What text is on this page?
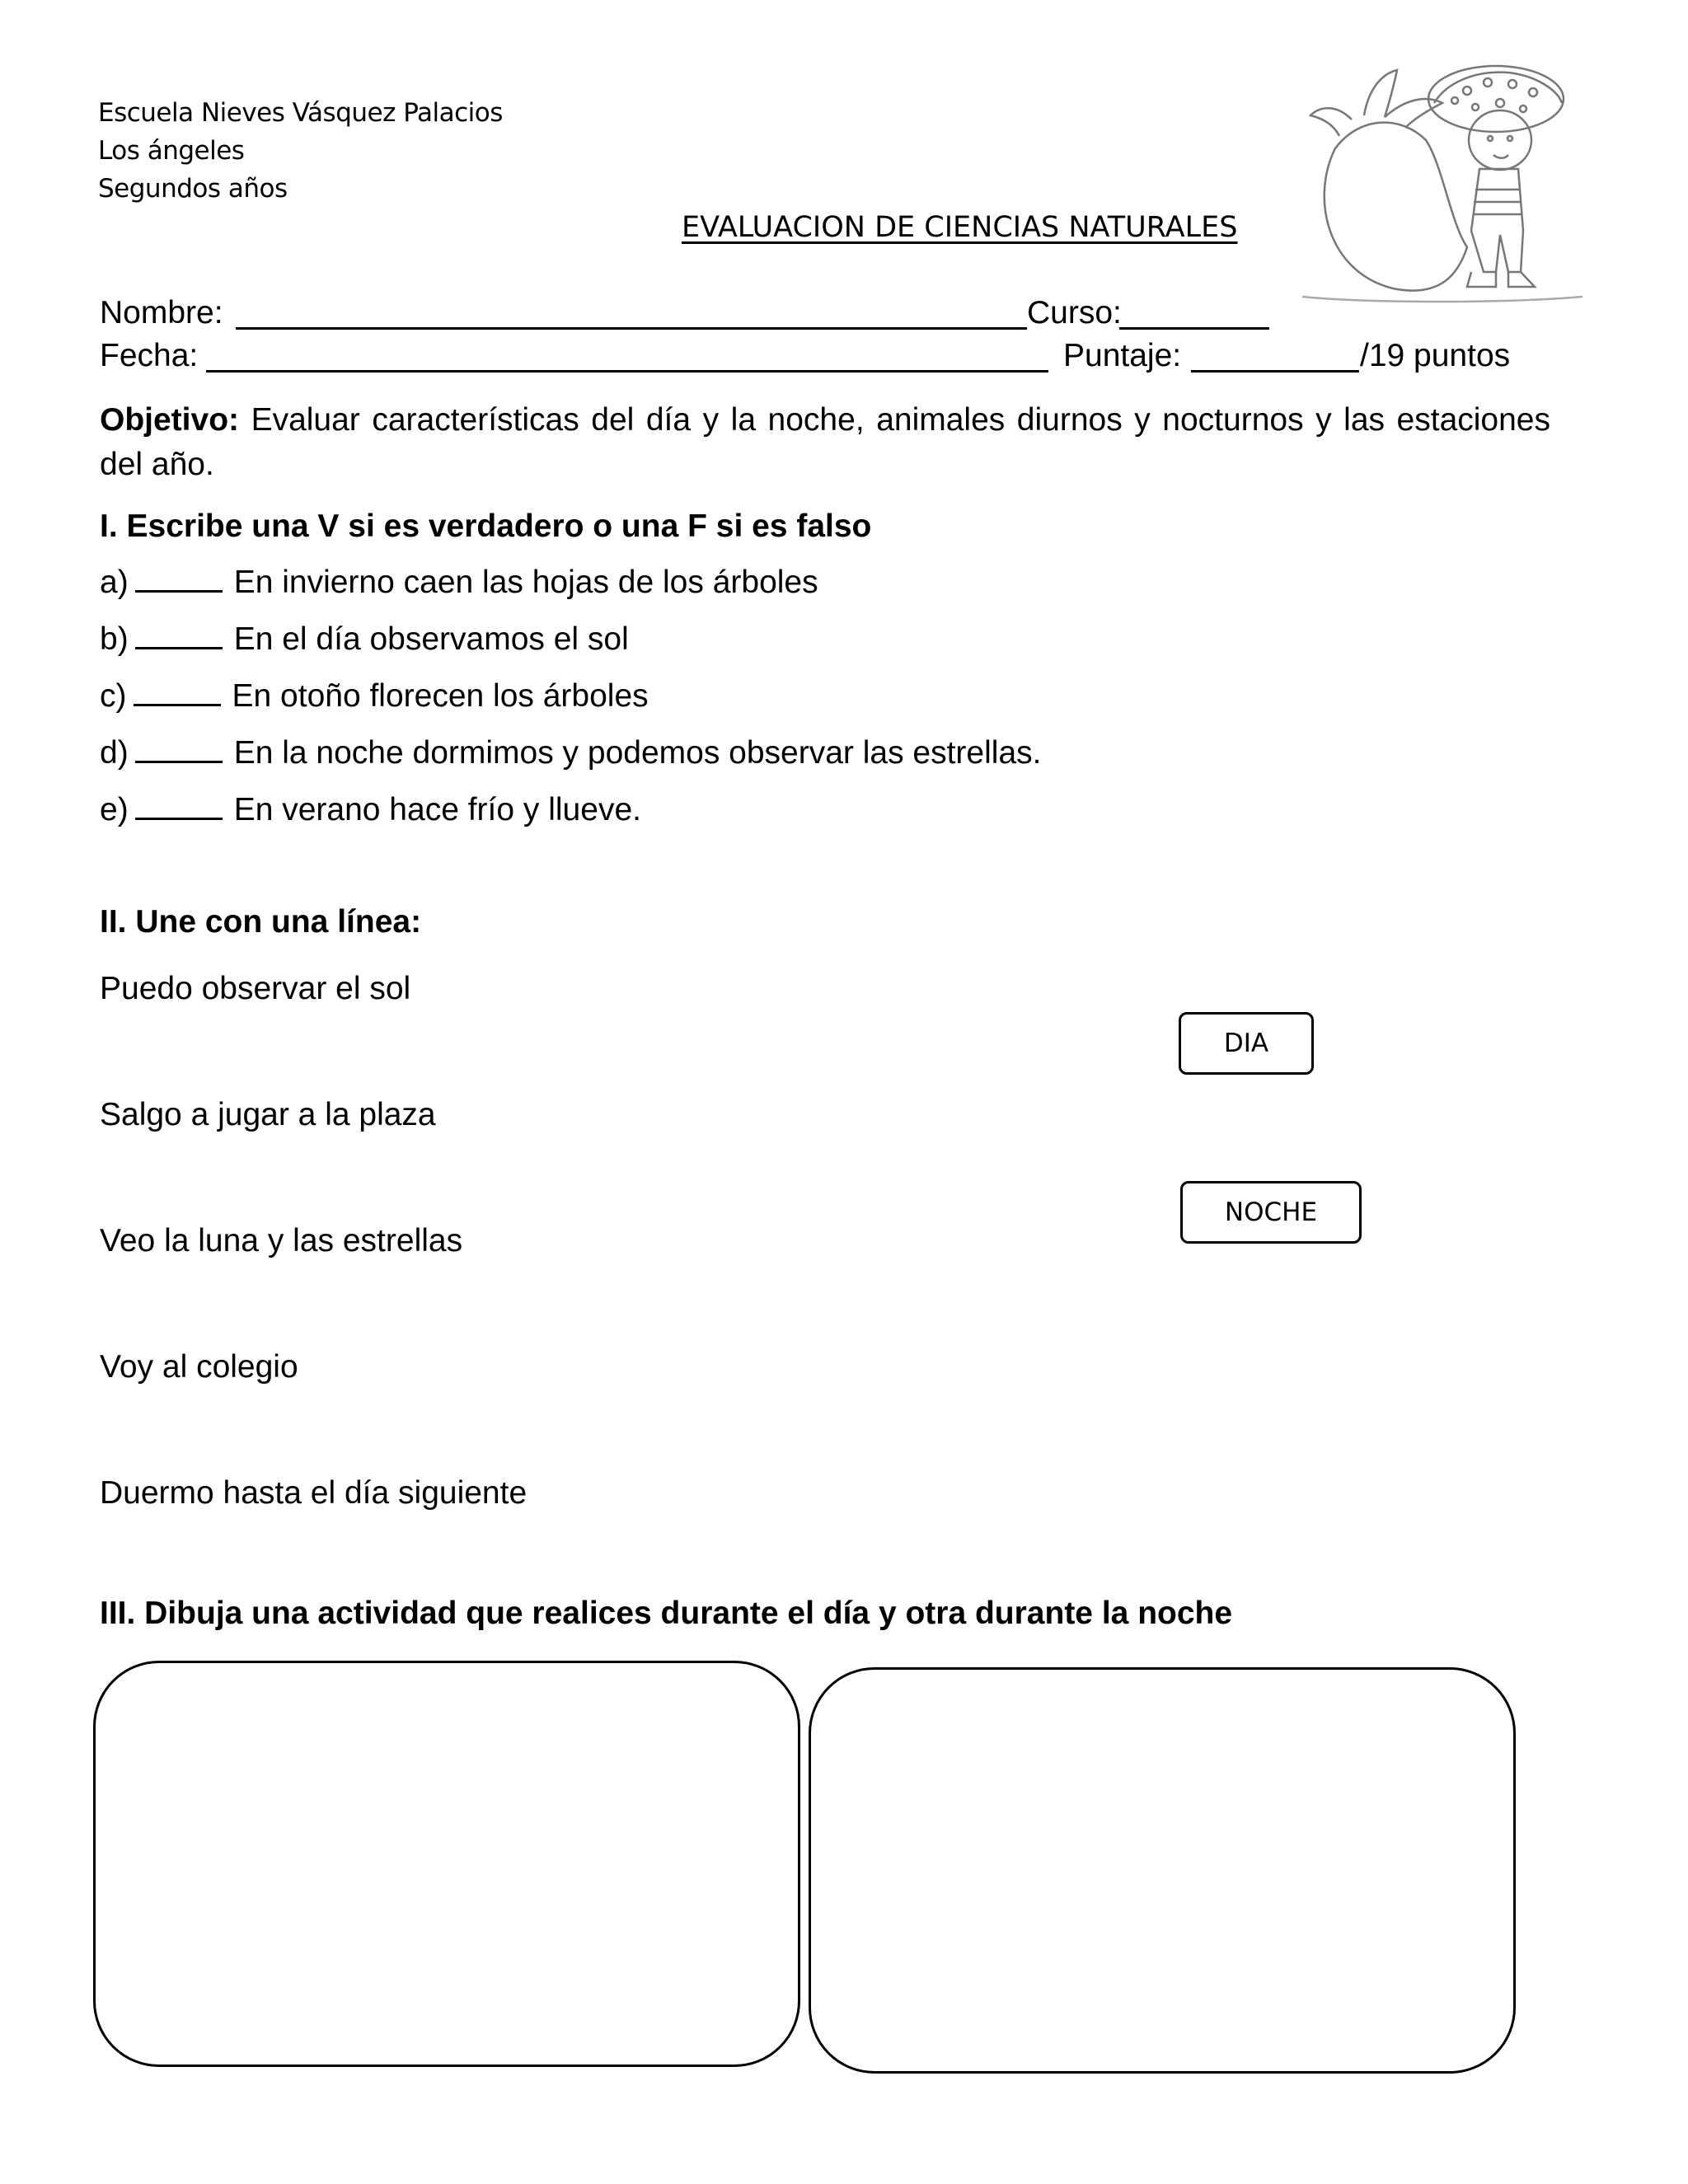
Escuela Nieves Vásquez Palacios
Los ángeles
Segundos años
EVALUACION DE CIENCIAS NATURALES
Nombre:	Curso:
Fecha:	Puntaje:	/19 puntos
Objetivo: Evaluar características del día y la noche, animales diurnos y nocturnos y las estaciones del año.
I. Escribe una V si es verdadero o una F si es falso
a)	En invierno caen las hojas de los árboles
b)	En el día observamos el sol
c)	En otoño florecen los árboles
d)	En la noche dormimos y podemos observar las estrellas.
e)	En verano hace frío y llueve.
II. Une con una línea:
Puedo observar el sol
Salgo a jugar a la plaza
Veo la luna y las estrellas
Voy al colegio
Duermo hasta el día siguiente
DIA
NOCHE
III. Dibuja una actividad que realices durante el día y otra durante la noche
